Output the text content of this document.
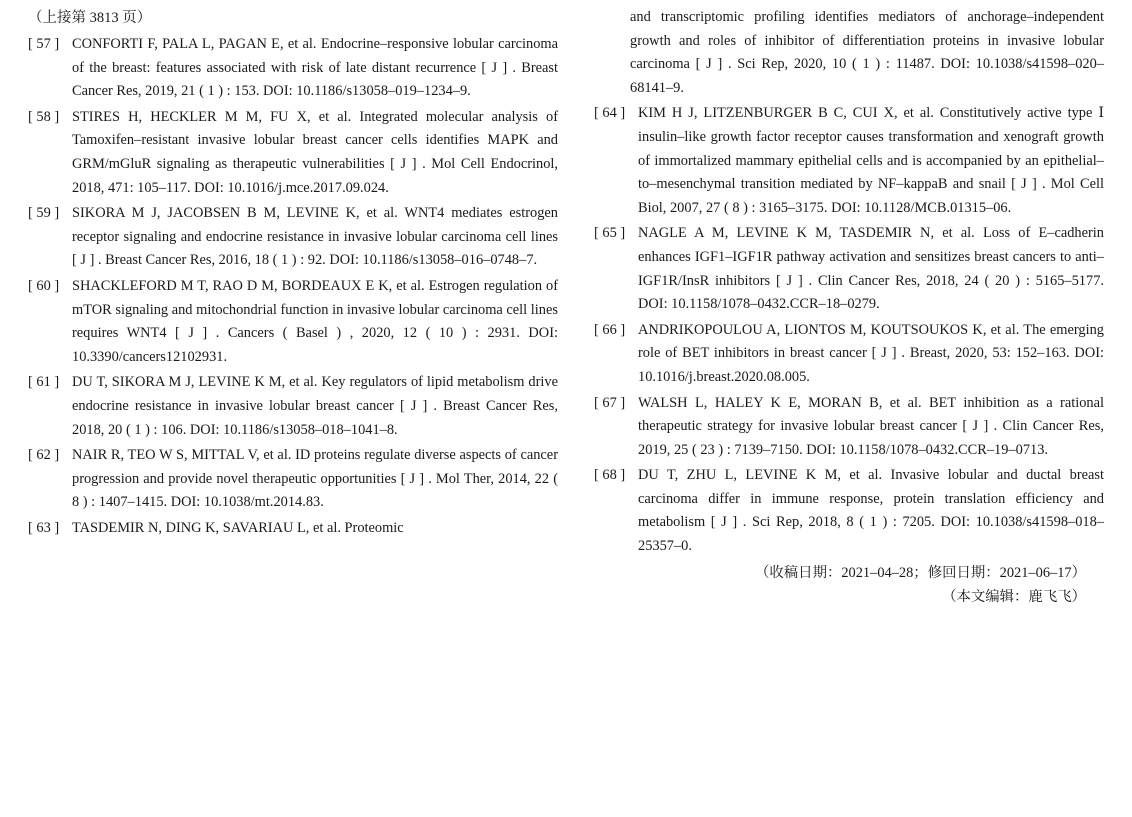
（上接第 3813 页）
[ 57 ] CONFORTI F, PALA L, PAGAN E, et al. Endocrine–responsive lobular carcinoma of the breast: features associated with risk of late distant recurrence [ J ] . Breast Cancer Res, 2019, 21 ( 1 ) : 153. DOI: 10.1186/s13058–019–1234–9.
[ 58 ] STIRES H, HECKLER M M, FU X, et al. Integrated molecular analysis of Tamoxifen–resistant invasive lobular breast cancer cells identifies MAPK and GRM/mGluR signaling as therapeutic vulnerabilities [ J ] . Mol Cell Endocrinol, 2018, 471: 105–117. DOI: 10.1016/j.mce.2017.09.024.
[ 59 ] SIKORA M J, JACOBSEN B M, LEVINE K, et al. WNT4 mediates estrogen receptor signaling and endocrine resistance in invasive lobular carcinoma cell lines [ J ] . Breast Cancer Res, 2016, 18 ( 1 ) : 92. DOI: 10.1186/s13058–016–0748–7.
[ 60 ] SHACKLEFORD M T, RAO D M, BORDEAUX E K, et al. Estrogen regulation of mTOR signaling and mitochondrial function in invasive lobular carcinoma cell lines requires WNT4 [ J ] . Cancers ( Basel ) , 2020, 12 ( 10 ) : 2931. DOI: 10.3390/cancers12102931.
[ 61 ] DU T, SIKORA M J, LEVINE K M, et al. Key regulators of lipid metabolism drive endocrine resistance in invasive lobular breast cancer [ J ] . Breast Cancer Res, 2018, 20 ( 1 ) : 106. DOI: 10.1186/s13058–018–1041–8.
[ 62 ] NAIR R, TEO W S, MITTAL V, et al. ID proteins regulate diverse aspects of cancer progression and provide novel therapeutic opportunities [ J ] . Mol Ther, 2014, 22 ( 8 ) : 1407–1415. DOI: 10.1038/mt.2014.83.
[ 63 ] TASDEMIR N, DING K, SAVARIAU L, et al. Proteomic
and transcriptomic profiling identifies mediators of anchorage–independent growth and roles of inhibitor of differentiation proteins in invasive lobular carcinoma [ J ] . Sci Rep, 2020, 10 ( 1 ) : 11487. DOI: 10.1038/s41598–020–68141–9.
[ 64 ] KIM H J, LITZENBURGER B C, CUI X, et al. Constitutively active type Ⅰ insulin–like growth factor receptor causes transformation and xenograft growth of immortalized mammary epithelial cells and is accompanied by an epithelial–to–mesenchymal transition mediated by NF–kappaB and snail [ J ] . Mol Cell Biol, 2007, 27 ( 8 ) : 3165–3175. DOI: 10.1128/MCB.01315–06.
[ 65 ] NAGLE A M, LEVINE K M, TASDEMIR N, et al. Loss of E–cadherin enhances IGF1–IGF1R pathway activation and sensitizes breast cancers to anti–IGF1R/InsR inhibitors [ J ] . Clin Cancer Res, 2018, 24 ( 20 ) : 5165–5177. DOI: 10.1158/1078–0432.CCR–18–0279.
[ 66 ] ANDRIKOPOULOU A, LIONTOS M, KOUTSOUKOS K, et al. The emerging role of BET inhibitors in breast cancer [ J ] . Breast, 2020, 53: 152–163. DOI: 10.1016/j.breast.2020.08.005.
[ 67 ] WALSH L, HALEY K E, MORAN B, et al. BET inhibition as a rational therapeutic strategy for invasive lobular breast cancer [ J ] . Clin Cancer Res, 2019, 25 ( 23 ) : 7139–7150. DOI: 10.1158/1078–0432.CCR–19–0713.
[ 68 ] DU T, ZHU L, LEVINE K M, et al. Invasive lobular and ductal breast carcinoma differ in immune response, protein translation efficiency and metabolism [ J ] . Sci Rep, 2018, 8 ( 1 ) : 7205. DOI: 10.1038/s41598–018–25357–0.
（收稿日期：2021–04–28；修回日期：2021–06–17）
（本文编辑：鹿飞飞）
